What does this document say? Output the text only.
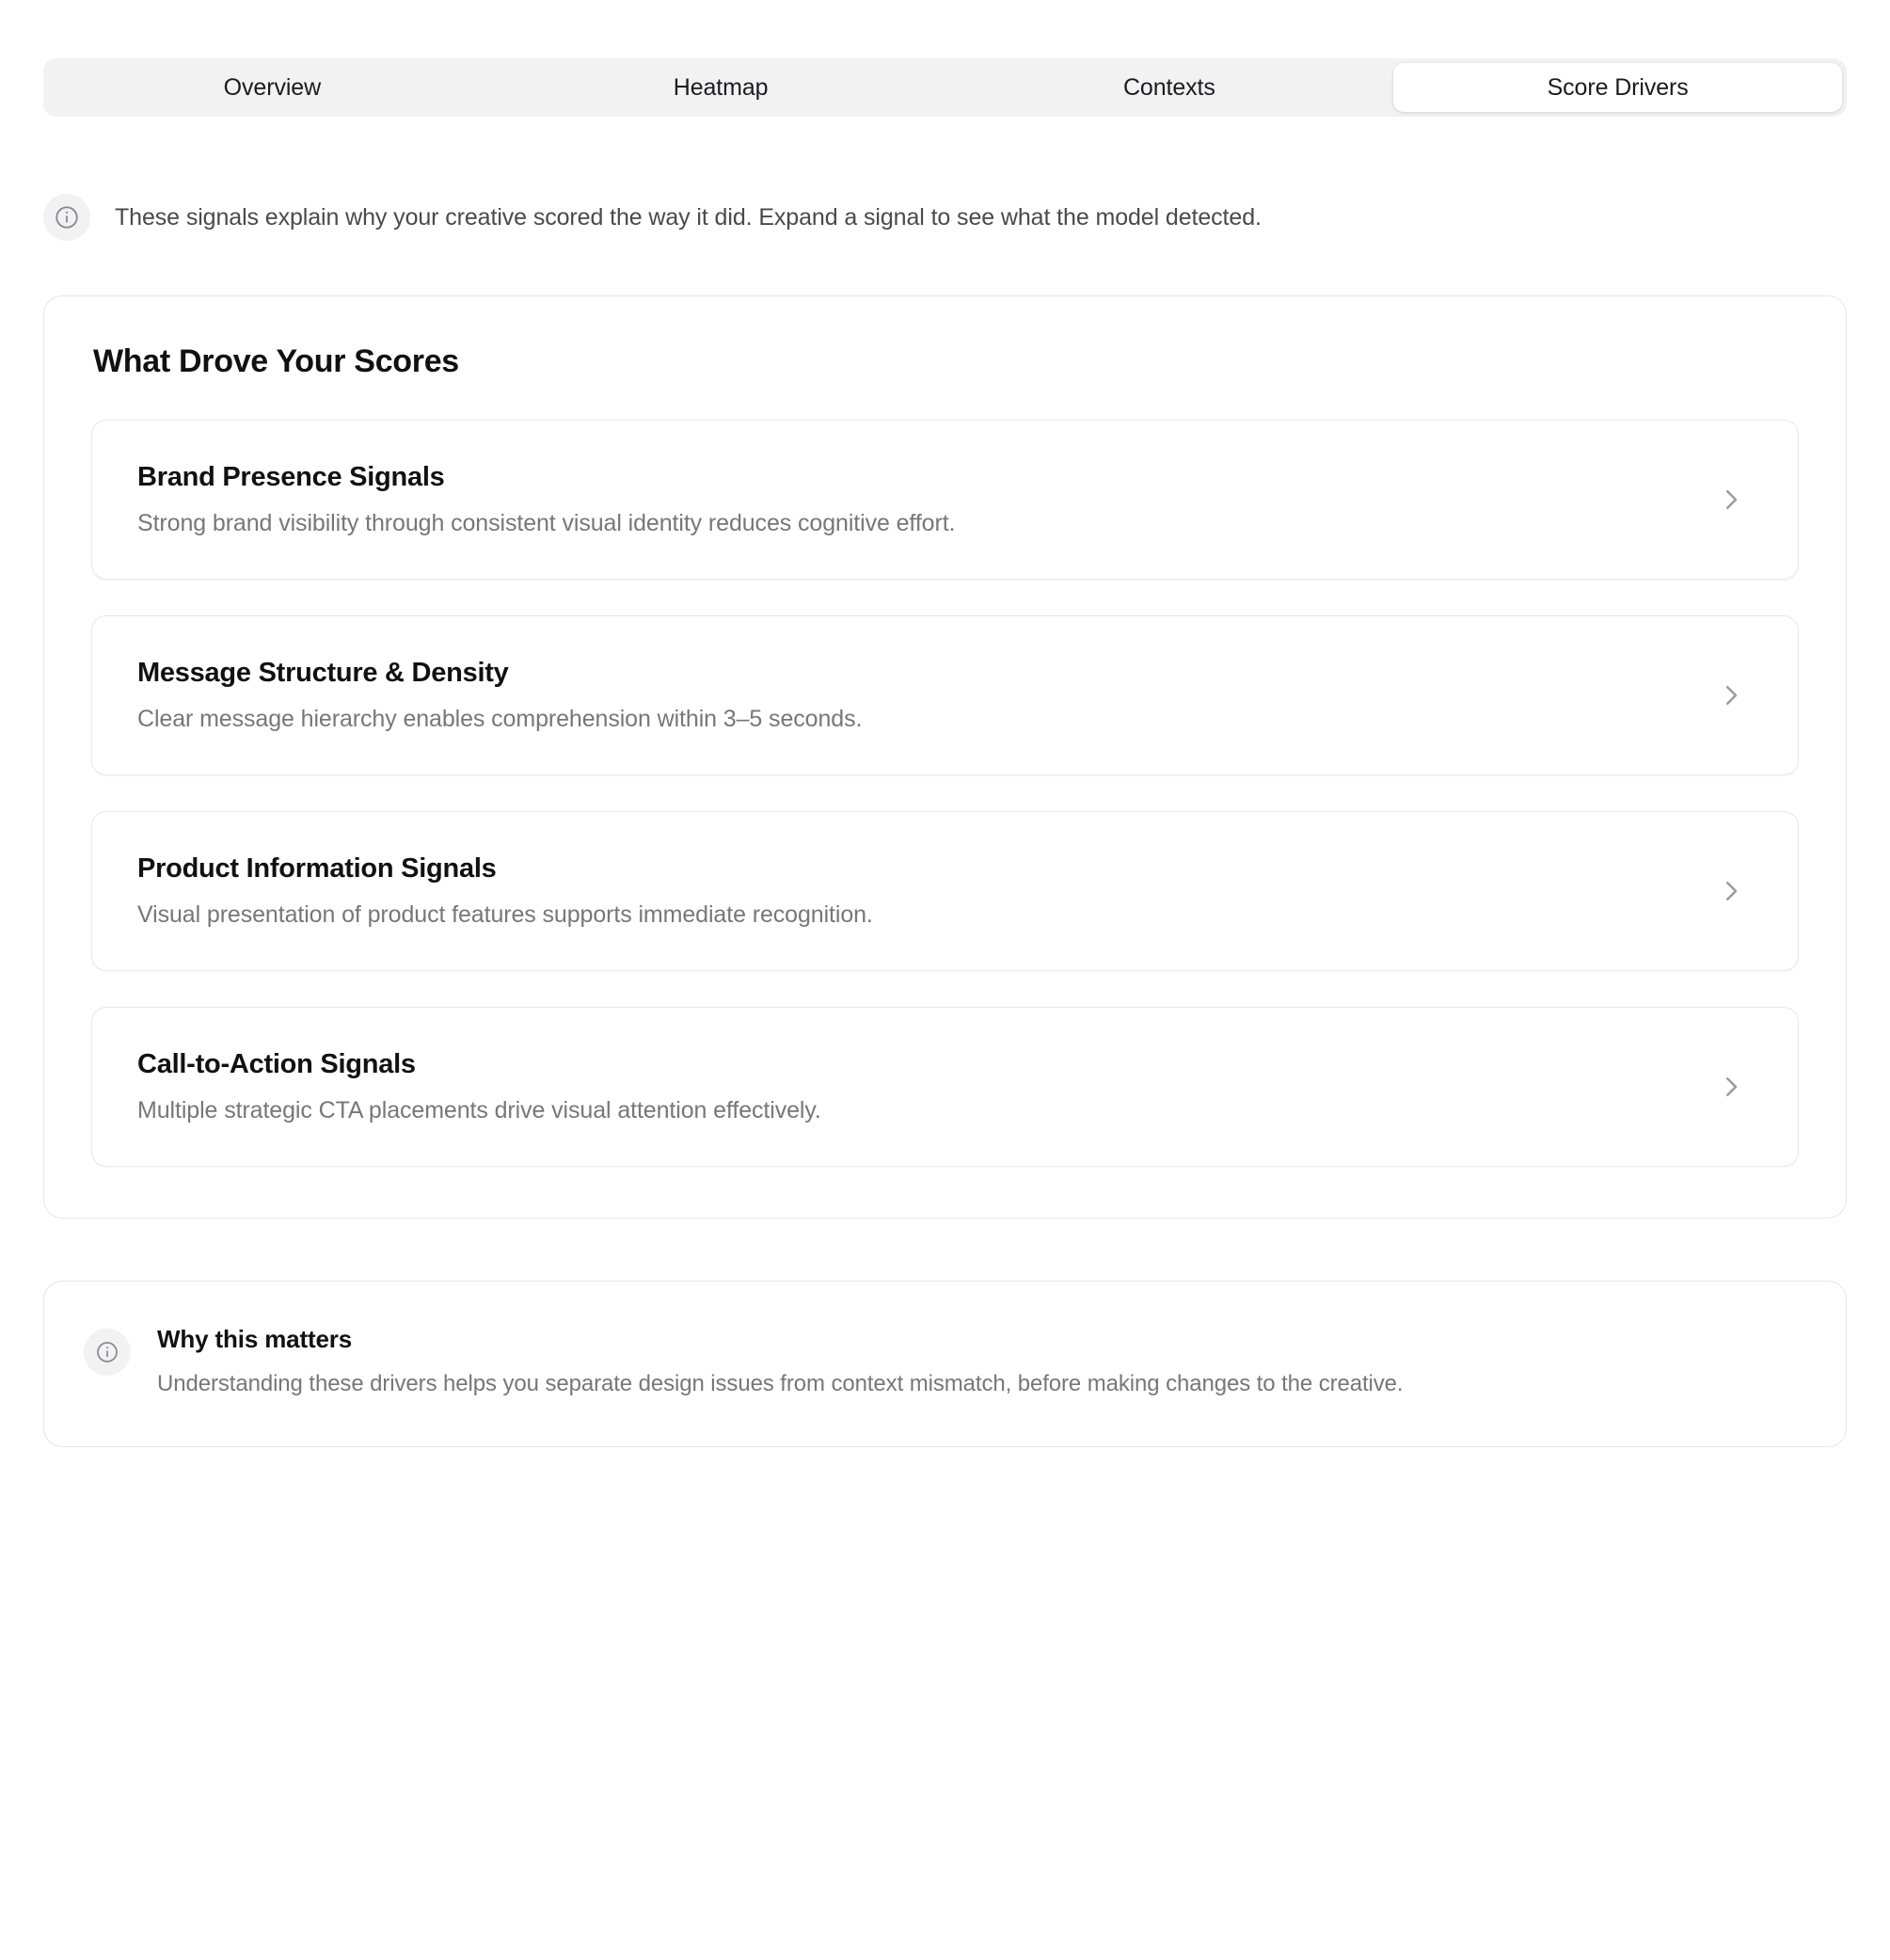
Overview	Heatmap	Contexts	Score Drivers
These signals explain why your creative scored the way it did. Expand a signal to see what the model detected.
What Drove Your Scores
Brand Presence Signals
Strong brand visibility through consistent visual identity reduces cognitive effort.
Message Structure & Density
Clear message hierarchy enables comprehension within 3–5 seconds.
Product Information Signals
Visual presentation of product features supports immediate recognition.
Call-to-Action Signals
Multiple strategic CTA placements drive visual attention effectively.
Why this matters
Understanding these drivers helps you separate design issues from context mismatch, before making changes to the creative.
